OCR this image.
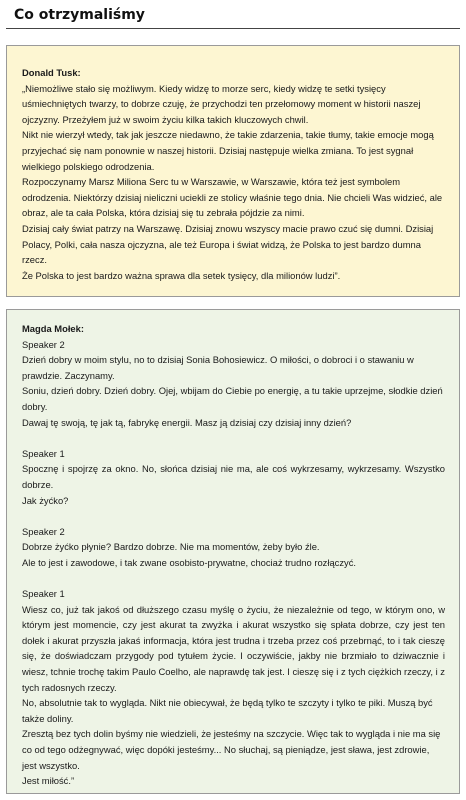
Co otrzymaliśmy

Donald Tusk:

„Niemożliwe stało się możliwym. Kiedy widzę to morze serc, kiedy widzę te setki tysięcy uśmiechniętych twarzy, to dobrze czuję, że przychodzi ten przełomowy moment w historii naszej ojczyzny. Przeżyłem już w swoim życiu kilka takich kluczowych chwil.

Nikt nie wierzył wtedy, tak jak jeszcze niedawno, że takie zdarzenia, takie tłumy, takie emocje mogą przyjechać się nam ponownie w naszej historii. Dzisiaj następuje wielka zmiana. To jest sygnał wielkiego polskiego odrodzenia.

Rozpoczynamy Marsz Miliona Serc tu w Warszawie, w Warszawie, która też jest symbolem odrodzenia. Niektórzy dzisiaj nieliczni uciekli ze stolicy właśnie tego dnia. Nie chcieli Was widzieć, ale obraz, ale ta cała Polska, która dzisiaj się tu zebrała pójdzie za nimi.

Dzisiaj cały świat patrzy na Warszawę. Dzisiaj znowu wszyscy macie prawo czuć się dumni. Dzisiaj Polacy, Polki, cała nasza ojczyzna, ale też Europa i świat widzą, że Polska to jest bardzo dumna rzecz.

Że Polska to jest bardzo ważna sprawa dla setek tysięcy, dla milionów ludzi”.

Magda Mołek:

Speaker 2

Dzień dobry w moim stylu, no to dzisiaj Sonia Bohosiewicz. O miłości, o dobroci i o stawaniu w prawdzie. Zaczynamy.

Soniu, dzień dobry. Dzień dobry. Ojej, wbijam do Ciebie po energię, a tu takie uprzejme, słodkie dzień dobry.

Dawaj tę swoją, tę jak tą, fabrykę energii. Masz ją dzisiaj czy dzisiaj inny dzień?

Speaker 1

Spocznę i spojrzę za okno. No, słońca dzisiaj nie ma, ale coś wykrzesamy, wykrzesamy. Wszystko dobrze.

Jak żyćko?

Speaker 2

Dobrze żyćko płynie? Bardzo dobrze. Nie ma momentów, żeby było źle.

Ale to jest i zawodowe, i tak zwane osobisto-prywatne, chociaż trudno rozłączyć.

Speaker 1

Wiesz co, już tak jakoś od dłuższego czasu myślę o życiu, że niezależnie od tego, w którym ono, w którym jest momencie, czy jest akurat ta zwyżka i akurat wszystko się spłata dobrze, czy jest ten dołek i akurat przyszła jakaś informacja, która jest trudna i trzeba przez coś przebrnąć, to i tak cieszę się, że doświadczam przygody pod tytułem życie. I oczywiście, jakby nie brzmiało to dziwacznie i wiesz, tchnie trochę takim Paulo Coelho, ale naprawdę tak jest. I cieszę się i z tych ciężkich rzeczy, i z tych radosnych rzeczy.

No, absolutnie tak to wygląda. Nikt nie obiecywał, że będą tylko te szczyty i tylko te piki. Muszą być także doliny.

Zresztą bez tych dolin byśmy nie wiedzieli, że jesteśmy na szczycie. Więc tak to wygląda i nie ma się co od tego odżegnywać, więc dopóki jesteśmy... No słuchaj, są pieniądze, jest sława, jest zdrowie, jest wszystko.

Jest miłość.”
